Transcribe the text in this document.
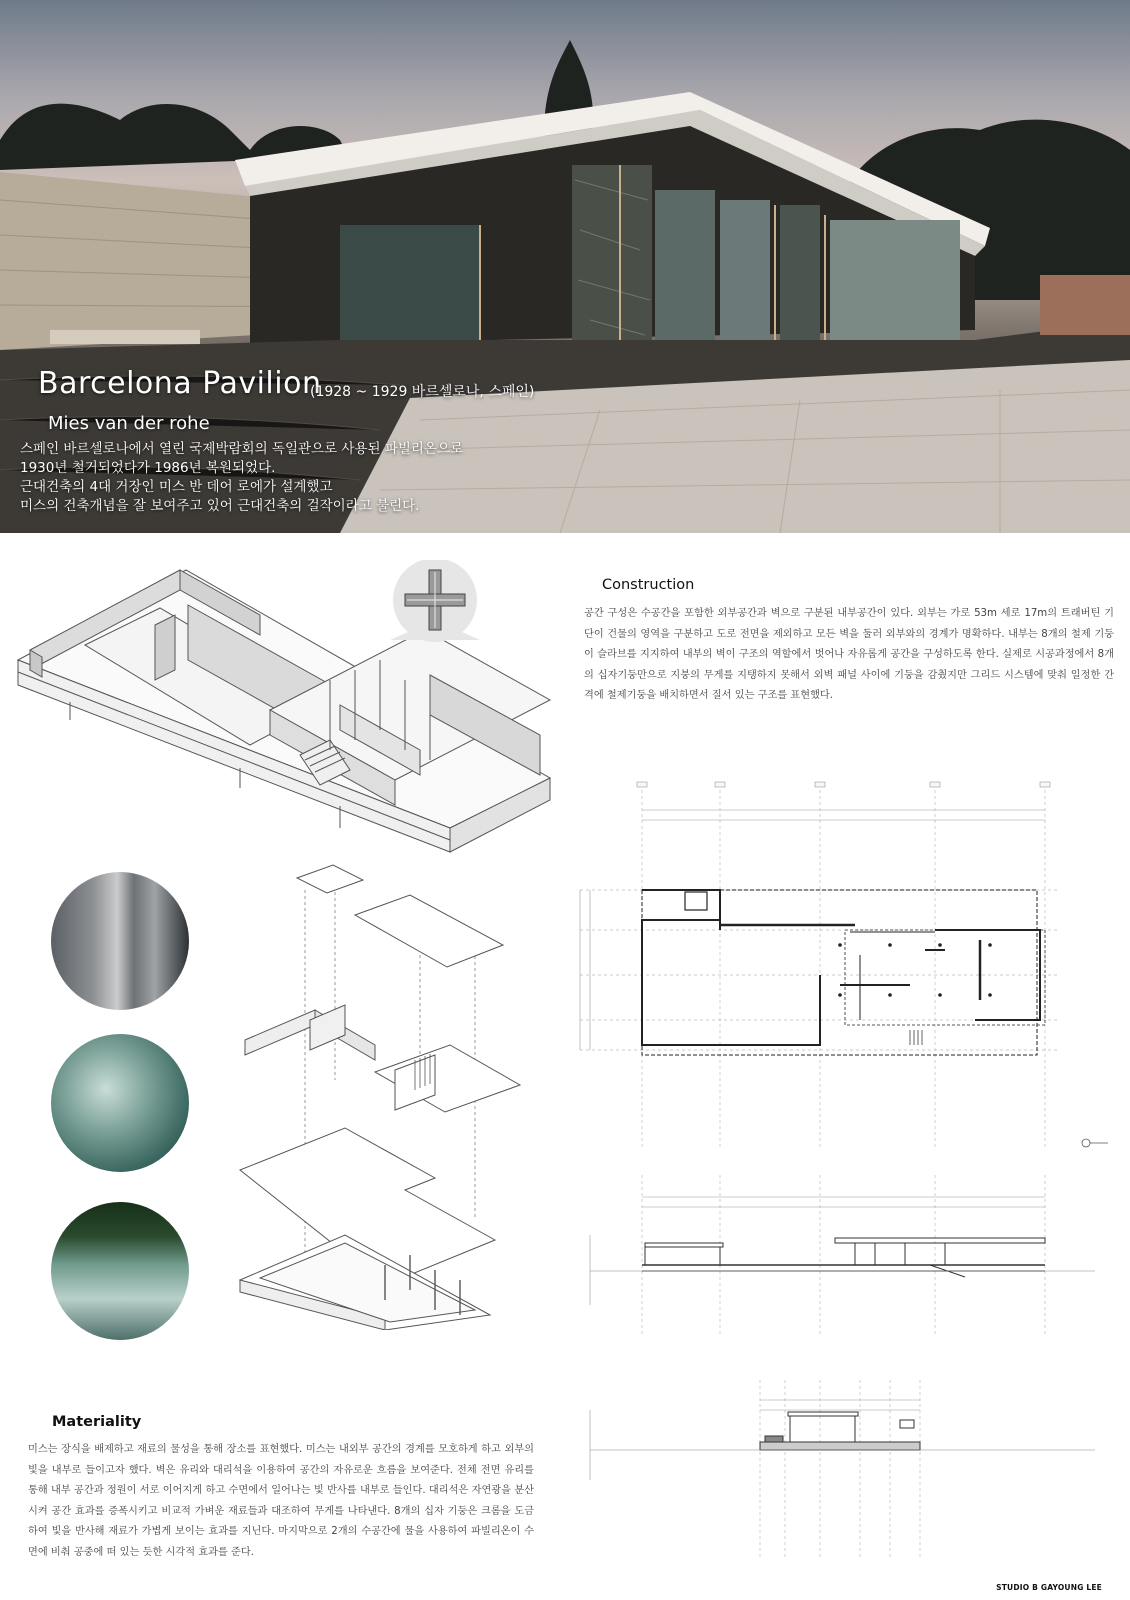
Barcelona Pavilion
(1928 ~ 1929 바르셀로나, 스페인)
Mies van der rohe
스페인 바르셀로나에서 열린 국제박람회의 독일관으로 사용된 파빌리온으로
1930년 철거되었다가 1986년 복원되었다.
근대건축의 4대 거장인 미스 반 데어 로에가 설계했고
미스의 건축개념을 잘 보여주고 있어 근대건축의 걸작이라고 불린다.
Construction
공간 구성은 수공간을 포함한 외부공간과 벽으로 구분된 내부공간이 있다. 외부는 가로 53m 세로 17m의 트래버틴 기단이 건물의 영역을 구분하고 도로 전면을 제외하고 모든 벽을 둘러 외부와의 경계가 명확하다. 내부는 8개의 철제 기둥이 슬라브를 지지하여 내부의 벽이 구조의 역할에서 벗어나 자유롭게 공간을 구성하도록 한다. 실제로 시공과정에서 8개의 십자기둥만으로 지붕의 무게를 지탱하지 못해서 외벽 패널 사이에 기둥을 감췄지만 그리드 시스템에 맞춰 일정한 간격에 철제기둥을 배치하면서 질서 있는 구조를 표현했다.
Materiality
미스는 장식을 배제하고 재료의 물성을 통해 장소를 표현했다. 미스는 내외부 공간의 경계를 모호하게 하고 외부의 빛을 내부로 들이고자 했다. 벽은 유리와 대리석을 이용하여 공간의 자유로운 흐름을 보여준다. 전체 전면 유리를 통해 내부 공간과 정원이 서로 이어지게 하고 수면에서 일어나는 빛 반사를 내부로 들인다. 대리석은 자연광을 분산 시켜 공간 효과를 증폭시키고 비교적 가벼운 재료들과 대조하여 무게를 나타낸다. 8개의 십자 기둥은 크롬을 도금하여 빛을 반사해 재료가 가볍게 보이는 효과를 지닌다. 마지막으로 2개의 수공간에 물을 사용하여 파빌리온이 수면에 비춰 공중에 떠 있는 듯한 시각적 효과를 준다.
STUDIO B GAYOUNG LEE
